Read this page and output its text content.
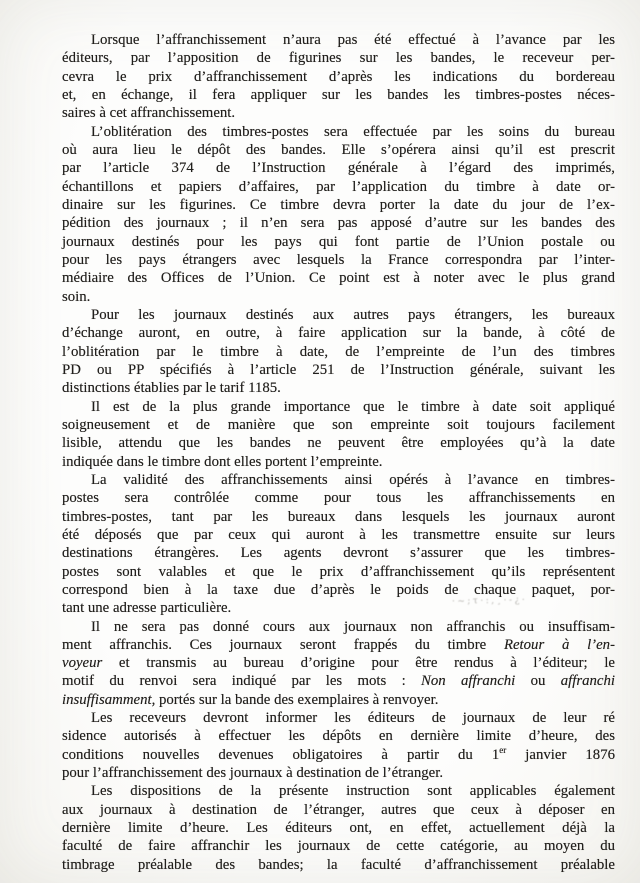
Lorsque l’affranchissement n’aura pas été effectué à l’avance par les
éditeurs, par l’apposition de figurines sur les bandes, le receveur per-
cevra le prix d’affranchissement d’après les indications du bordereau
et, en échange, il fera appliquer sur les bandes les timbres-postes néces-
saires à cet affranchissement.
L’oblitération des timbres-postes sera effectuée par les soins du bureau
où aura lieu le dépôt des bandes. Elle s’opérera ainsi qu’il est prescrit
par l’article 374 de l’Instruction générale à l’égard des imprimés,
échantillons et papiers d’affaires, par l’application du timbre à date or-
dinaire sur les figurines. Ce timbre devra porter la date du jour de l’ex-
pédition des journaux ; il n’en sera pas apposé d’autre sur les bandes des
journaux destinés pour les pays qui font partie de l’Union postale ou
pour les pays étrangers avec lesquels la France correspondra par l’inter-
médiaire des Offices de l’Union. Ce point est à noter avec le plus grand
soin.
Pour les journaux destinés aux autres pays étrangers, les bureaux
d’échange auront, en outre, à faire application sur la bande, à côté de
l’oblitération par le timbre à date, de l’empreinte de l’un des timbres
PD ou PP spécifiés à l’article 251 de l’Instruction générale, suivant les
distinctions établies par le tarif 1185.
Il est de la plus grande importance que le timbre à date soit appliqué
soigneusement et de manière que son empreinte soit toujours facilement
lisible, attendu que les bandes ne peuvent être employées qu’à la date
indiquée dans le timbre dont elles portent l’empreinte.
La validité des affranchissements ainsi opérés à l’avance en timbres-
postes sera contrôlée comme pour tous les affranchissements en
timbres-postes, tant par les bureaux dans lesquels les journaux auront
été déposés que par ceux qui auront à les transmettre ensuite sur leurs
destinations étrangères. Les agents devront s’assurer que les timbres-
postes sont valables et que le prix d’affranchissement qu’ils représentent
correspond bien à la taxe due d’après le poids de chaque paquet, por-
tant une adresse particulière.
Il ne sera pas donné cours aux journaux non affranchis ou insuffisam-
ment affranchis. Ces journaux seront frappés du timbre Retour à l’en-
voyeur et transmis au bureau d’origine pour être rendus à l’éditeur; le
motif du renvoi sera indiqué par les mots : Non affranchi ou affranchi
insuffisamment, portés sur la bande des exemplaires à renvoyer.
Les receveurs devront informer les éditeurs de journaux de leur ré
sidence autorisés à effectuer les dépôts en dernière limite d’heure, des
conditions nouvelles devenues obligatoires à partir du 1er janvier 1876
pour l’affranchissement des journaux à destination de l’étranger.
Les dispositions de la présente instruction sont applicables également
aux journaux à destination de l’étranger, autres que ceux à déposer en
dernière limite d’heure. Les éditeurs ont, en effet, actuellement déjà la
faculté de faire affranchir les journaux de cette catégorie, au moyen du
timbrage préalable des bandes; la faculté d’affranchissement préalable
·~;τ·:,¸·-¿·
